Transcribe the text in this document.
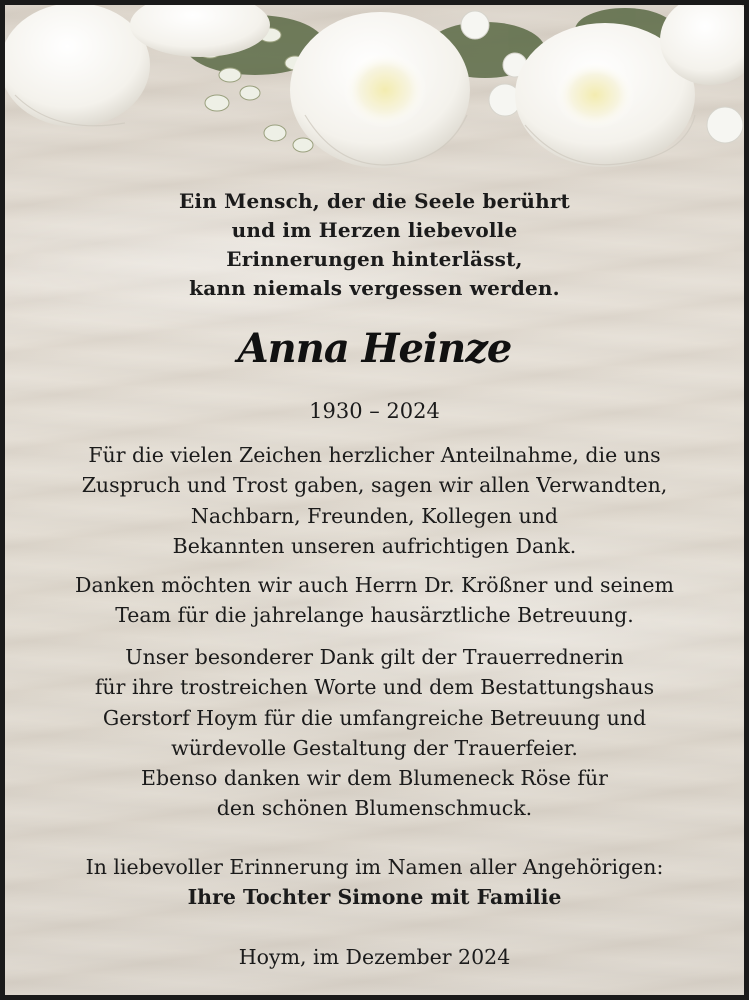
Ein Mensch, der die Seele berührt
und im Herzen liebevolle
Erinnerungen hinterlässt,
kann niemals vergessen werden.
Anna Heinze
1930 – 2024
Für die vielen Zeichen herzlicher Anteilnahme, die uns
Zuspruch und Trost gaben, sagen wir allen Verwandten,
Nachbarn, Freunden, Kollegen und
Bekannten unseren aufrichtigen Dank.
Danken möchten wir auch Herrn Dr. Krößner und seinem
Team für die jahrelange hausärztliche Betreuung.
Unser besonderer Dank gilt der Trauerrednerin
für ihre trostreichen Worte und dem Bestattungshaus
Gerstorf Hoym für die umfangreiche Betreuung und
würdevolle Gestaltung der Trauerfeier.
Ebenso danken wir dem Blumeneck Röse für
den schönen Blumenschmuck.
In liebevoller Erinnerung im Namen aller Angehörigen:
Ihre Tochter Simone mit Familie
Hoym, im Dezember 2024
